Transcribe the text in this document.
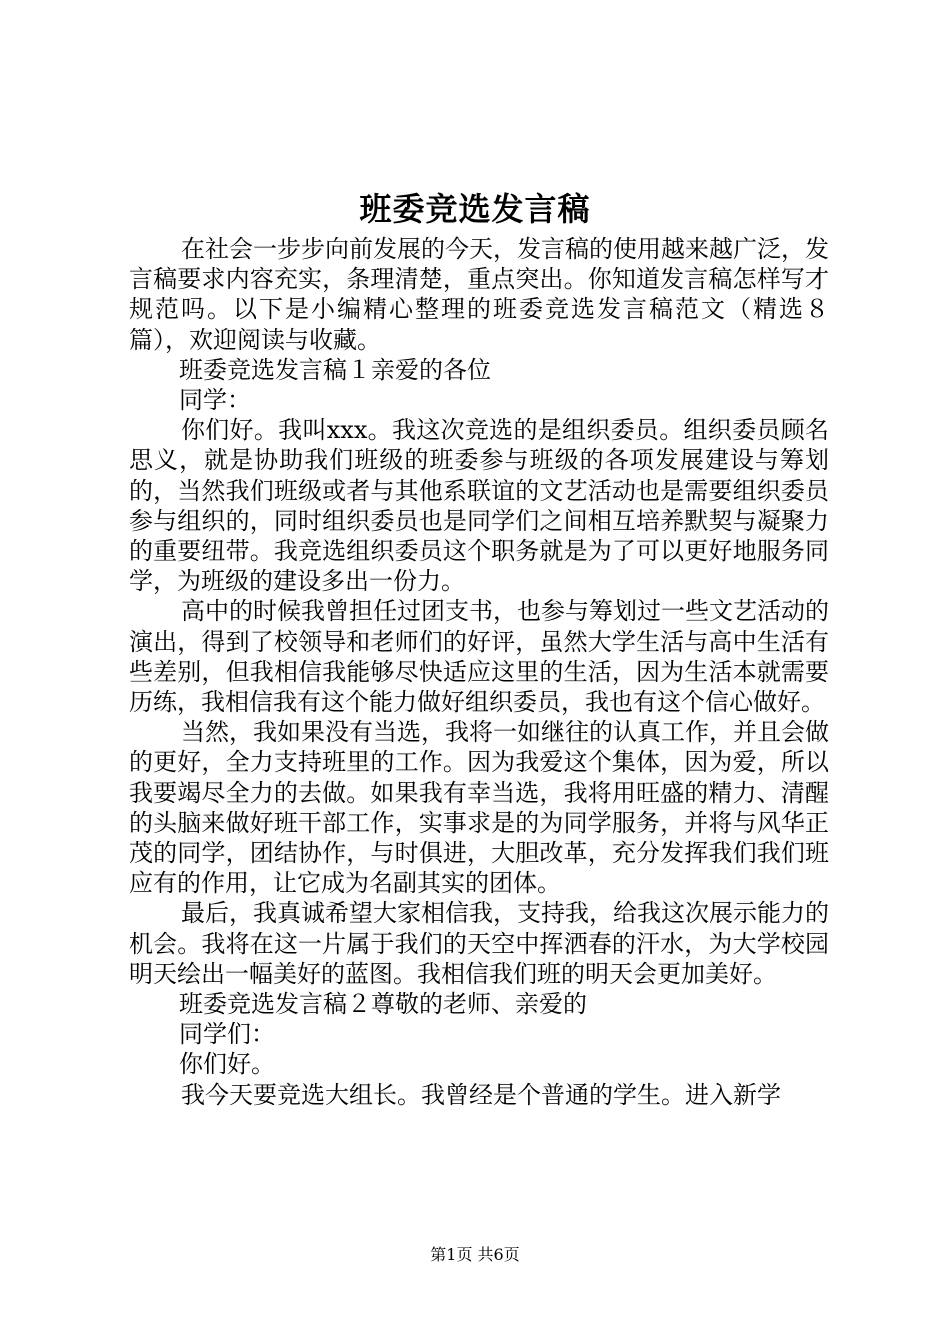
班委竞选发言稿

在社会一步步向前发展的今天，发言稿的使用越来越广泛，发言稿要求内容充实，条理清楚，重点突出。你知道发言稿怎样写才规范吗。以下是小编精心整理的班委竞选发言稿范文（精选８篇），欢迎阅读与收藏。

班委竞选发言稿１亲爱的各位

同学：

你们好。我叫xxx。我这次竞选的是组织委员。组织委员顾名思义，就是协助我们班级的班委参与班级的各项发展建设与筹划的，当然我们班级或者与其他系联谊的文艺活动也是需要组织委员参与组织的，同时组织委员也是同学们之间相互培养默契与凝聚力的重要纽带。我竞选组织委员这个职务就是为了可以更好地服务同学，为班级的建设多出一份力。

高中的时候我曾担任过团支书，也参与筹划过一些文艺活动的演出，得到了校领导和老师们的好评，虽然大学生活与高中生活有些差别，但我相信我能够尽快适应这里的生活，因为生活本就需要历练，我相信我有这个能力做好组织委员，我也有这个信心做好。

当然，我如果没有当选，我将一如继往的认真工作，并且会做的更好，全力支持班里的工作。因为我爱这个集体，因为爱，所以我要竭尽全力的去做。如果我有幸当选，我将用旺盛的精力、清醒的头脑来做好班干部工作，实事求是的为同学服务，并将与风华正茂的同学，团结协作，与时俱进，大胆改革，充分发挥我们我们班应有的作用，让它成为名副其实的团体。

最后，我真诚希望大家相信我，支持我，给我这次展示能力的机会。我将在这一片属于我们的天空中挥洒春的汗水，为大学校园明天绘出一幅美好的蓝图。我相信我们班的明天会更加美好。

班委竞选发言稿２尊敬的老师、亲爱的

同学们：

你们好。

我今天要竞选大组长。我曾经是个普通的学生。进入新学

第1页 共6页
